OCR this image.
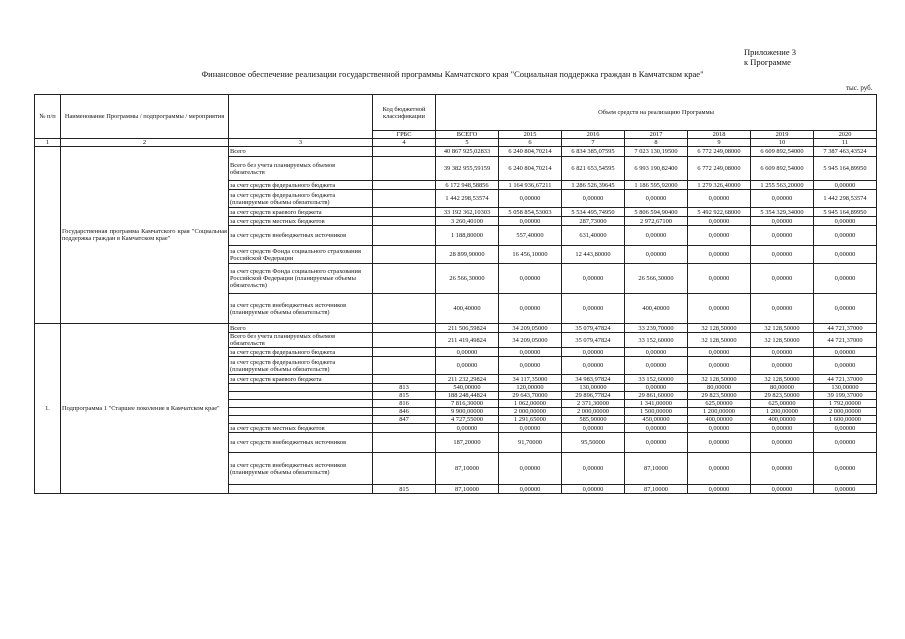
Приложение 3
к Программе
Финансовое обеспечение реализации государственной программы Камчатского края "Социальная поддержка граждан в Камчатском крае"
тыс. руб.
№ п/п	Наименование Программы / подпрограммы / мероприятия		Код бюджетной классификации	Объем средств на реализацию Программы						
			ГРБС	ВСЕГО	2015	2016	2017	2018	2019	2020
1	2	3	4	5	6	7	8	9	10	11
	Государственная программа Камчатского края "Социальная поддержка граждан в Камчатском крае"	Всего		40 867 925,02833	6 240 804,70214	6 834 385,07595	7 023 130,19500	6 772 249,08000	6 609 892,54000	7 387 463,43524
		Всего без учета планируемых объемов обязательств		39 382 955,59159	6 240 804,70214	6 821 653,54595	6 993 190,82400	6 772 249,08000	6 609 892,54000	5 945 164,89950
		за счет средств федерального бюджета		6 172 948,58856	1 164 936,67211	1 286 526,39645	1 186 595,92000	1 279 326,40000	1 255 563,20000	0,00000
		за счет средств федерального бюджета (планируемые объемы обязательств)		1 442 298,53574	0,00000	0,00000	0,00000	0,00000	0,00000	1 442 298,53574
		за счет средств краевого бюджета		33 192 362,10303	5 058 854,53003	5 534 495,74950	5 806 594,90400	5 492 922,68000	5 354 329,34000	5 945 164,89950
		за счет средств местных бюджетов		3 260,40100	0,00000	287,73000	2 972,67100	0,00000	0,00000	0,00000
		за счет средств внебюджетных источников		1 188,80000	557,40000	631,40000	0,00000	0,00000	0,00000	0,00000
		за счет средств Фонда социального страхования Российской Федерации		28 899,90000	16 456,10000	12 443,80000	0,00000	0,00000	0,00000	0,00000
		за счет средств Фонда социального страхования Российской Федерации (планируемые объемы обязательств)		26 566,30000	0,00000	0,00000	26 566,30000	0,00000	0,00000	0,00000
		за счет средств внебюджетных источников (планируемые объемы обязательств)		400,40000	0,00000	0,00000	400,40000	0,00000	0,00000	0,00000
1.	Подпрограмма 1 "Старшее поколение в Камчатском крае"	Всего		211 506,59824	34 209,05000	35 079,47824	33 239,70000	32 128,50000	32 128,50000	44 721,37000
		Всего без учета планируемых объемов обязательств		211 419,49824	34 209,05000	35 079,47824	33 152,60000	32 128,50000	32 128,50000	44 721,37000
		за счет средств федерального бюджета		0,00000	0,00000	0,00000	0,00000	0,00000	0,00000	0,00000
		за счет средств федерального бюджета (планируемые объемы обязательств)		0,00000	0,00000	0,00000	0,00000	0,00000	0,00000	0,00000
		за счет средств краевого бюджета		211 232,29824	34 117,35000	34 983,97824	33 152,60000	32 128,50000	32 128,50000	44 721,37000
			813	540,00000	120,00000	130,00000	0,00000	80,00000	80,00000	130,00000
			815	188 248,44824	29 643,70000	29 896,77824	29 861,60000	29 823,50000	29 823,50000	39 199,37000
			816	7 816,30000	1 062,00000	2 371,30000	1 341,00000	625,00000	625,00000	1 792,00000
			846	9 900,00000	2 000,00000	2 000,00000	1 500,00000	1 200,00000	1 200,00000	2 000,00000
			847	4 727,55000	1 291,65000	585,90000	450,00000	400,00000	400,00000	1 600,00000
		за счет средств местных бюджетов		0,00000	0,00000	0,00000	0,00000	0,00000	0,00000	0,00000
		за счет средств внебюджетных источников		187,20000	91,70000	95,50000	0,00000	0,00000	0,00000	0,00000
		за счет средств внебюджетных источников (планируемые объемы обязательств)		87,10000	0,00000	0,00000	87,10000	0,00000	0,00000	0,00000
			815	87,10000	0,00000	0,00000	87,10000	0,00000	0,00000	0,00000
